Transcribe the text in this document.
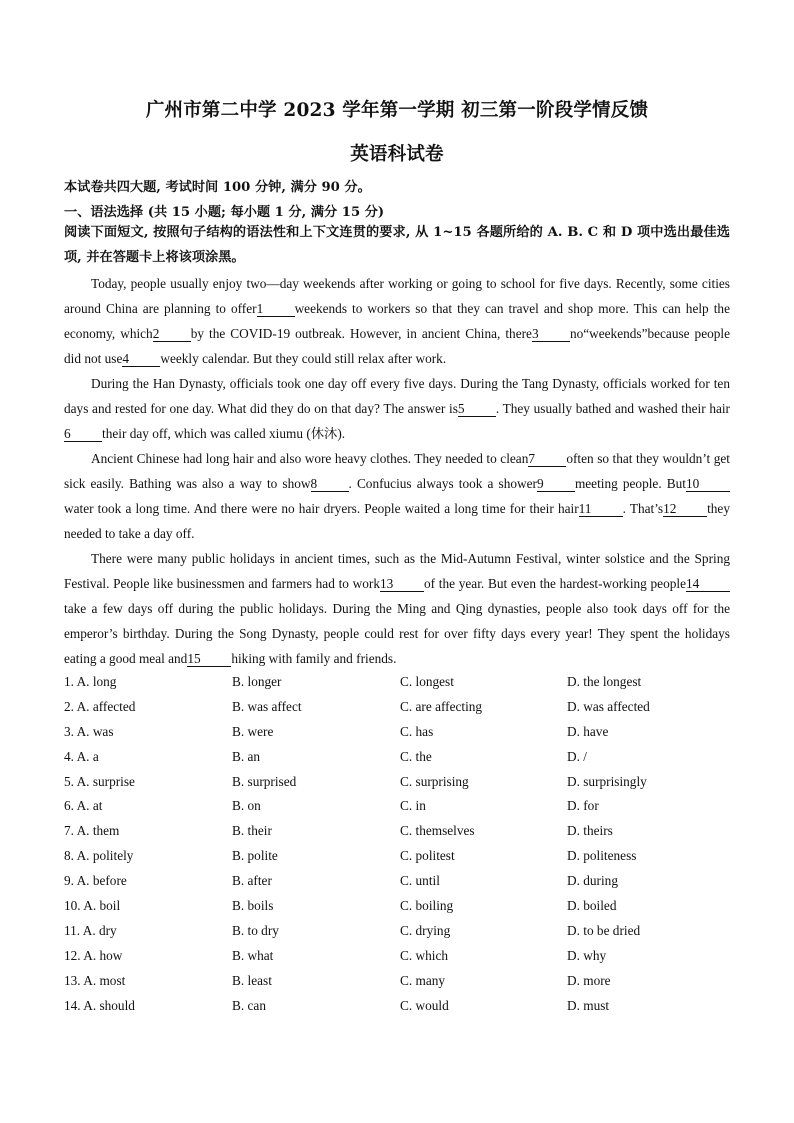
广州市第二中学 2023 学年第一学期 初三第一阶段学情反馈
英语科试卷
本试卷共四大题, 考试时间 100 分钟, 满分 90 分。
一、语法选择 (共 15 小题; 每小题 1 分, 满分 15 分)
阅读下面短文, 按照句子结构的语法性和上下文连贯的要求, 从 1~15 各题所给的 A. B. C 和 D 项中选出最佳选项, 并在答题卡上将该项涂黑。
Today, people usually enjoy two—day weekends after working or going to school for five days. Recently, some cities around China are planning to offer1 weekends to workers so that they can travel and shop more. This can help the economy, which2 by the COVID-19 outbreak. However, in ancient China, there3 no“weekends”because people did not use4 weekly calendar. But they could still relax after work.
During the Han Dynasty, officials took one day off every five days. During the Tang Dynasty, officials worked for ten days and rested for one day. What did they do on that day? The answer is5 . They usually bathed and washed their hair6 their day off, which was called xiumu (休沐).
Ancient Chinese had long hair and also wore heavy clothes. They needed to clean7 often so that they wouldn’t get sick easily. Bathing was also a way to show8 . Confucius always took a shower9 meeting people. But10water took a long time. And there were no hair dryers. People waited a long time for their hair11 . That’s12 they needed to take a day off.
There were many public holidays in ancient times, such as the Mid-Autumn Festival, winter solstice and the Spring Festival. People like businessmen and farmers had to work13 of the year. But even the hardest-working people14take a few days off during the public holidays. During the Ming and Qing dynasties, people also took days off for the emperor’s birthday. During the Song Dynasty, people could rest for over fifty days every year! They spent the holidays eating a good meal and15 hiking with family and friends.
1. A. long	B. longer	C. longest	D. the longest
2. A. affected	B. was affect	C. are affecting	D. was affected
3. A. was	B. were	C. has	D. have
4. A. a	B. an	C. the	D. /
5. A. surprise	B. surprised	C. surprising	D. surprisingly
6. A. at	B. on	C. in	D. for
7. A. them	B. their	C. themselves	D. theirs
8. A. politely	B. polite	C. politest	D. politeness
9. A. before	B. after	C. until	D. during
10. A. boil	B. boils	C. boiling	D. boiled
11. A. dry	B. to dry	C. drying	D. to be dried
12. A. how	B. what	C. which	D. why
13. A. most	B. least	C. many	D. more
14. A. should	B. can	C. would	D. must
